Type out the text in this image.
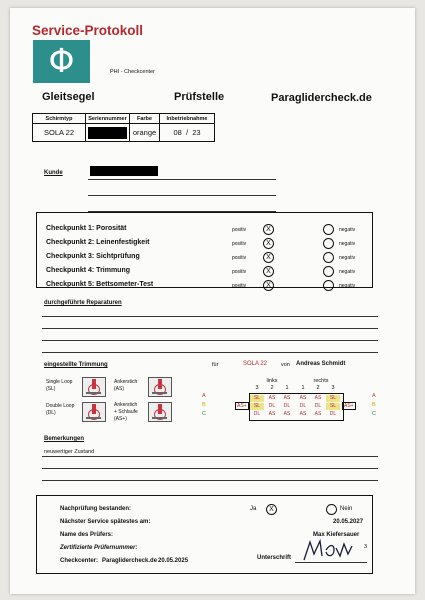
Service-Protokoll
Φ	PHI - Checkcenter
Gleitsegel	Prüfstelle	Paraglidercheck.de
Schirmtyp	Seriennummer	Farbe	Inbetriebnahme
SOLA 22		orange	08 / 23
Kunde
Checkpunkt 1: Porosität	positiv	X	negativ
Checkpunkt 2: Leinenfestigkeit	positiv	X	negativ
Checkpunkt 3: Sichtprüfung	positiv	X	negativ
Checkpunkt 4: Trimmung	positiv	X	negativ
Checkpunkt 5: Bettsometer-Test	positiv	X	negativ
durchgeführte Reparaturen
eingestellte Trimmung	für	SOLA 22	von Andreas Schmidt
Single Loop
(SL)
Ankerstich
(AS)
Double Loop
(DL)
Ankerstich
+ Schlaufe
(AS+)
links	rechts
3	2	1	1	2	3
SL	AS	AS	AS	AS	SL
SL	DL	DL	DL	DL	SL
DL	AS	AS	AS	AS	DL
AS+	AS+
A
B
C
A
B
C
Bemerkungen
neuwertiger Zustand
Nachprüfung bestanden:	Ja	X	Nein
Nächster Service spätestes am:	20.05.2027
Name des Prüfers:	Max Kiefersauer
Zertifizierte Prüfernummer:
Checkcenter: Paraglidercheck.de 20.05.2025	Unterschrift
3
